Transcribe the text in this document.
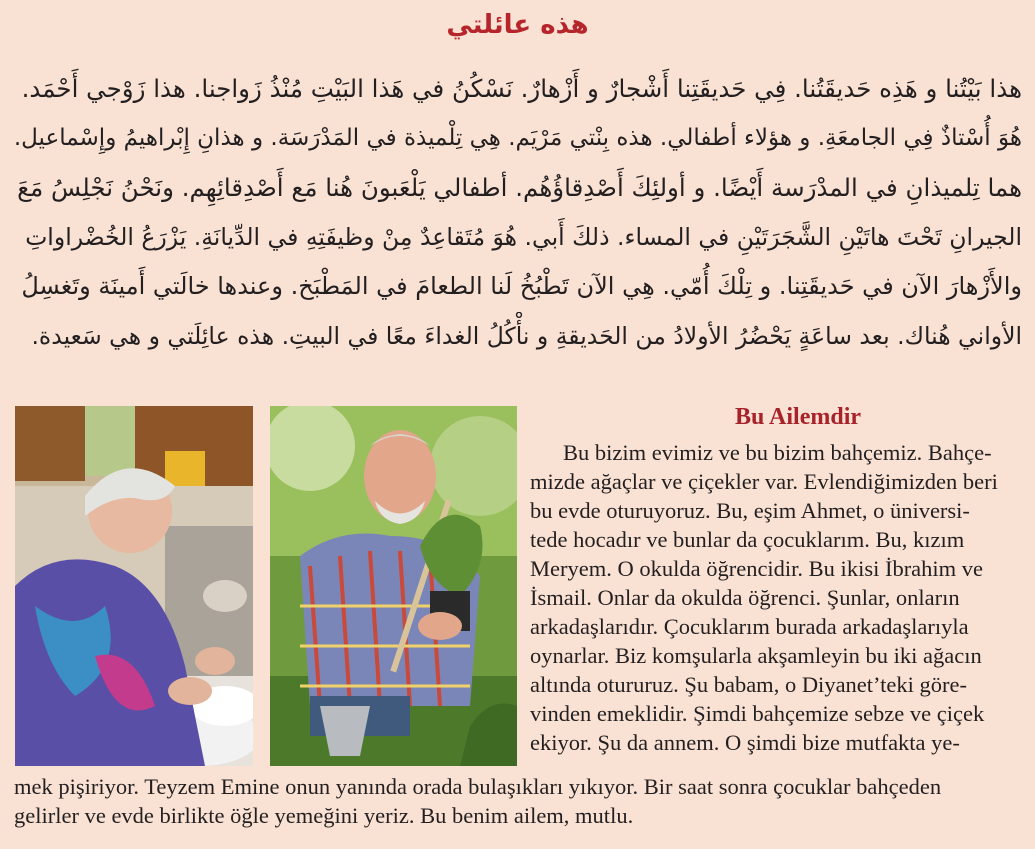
هذه عائلتي
هذا بَيْتُنا و هَذِه حَديقَتُنا. فِي حَديقَتِنا أَشْجارٌ و أَزْهارٌ. نَسْكُنُ في هَذا البَيْتِ مُنْذُ زَواجنا. هذا زَوْجي أَحْمَد.
هُوَ أُسْتاذٌ فِي الجامعَةِ. و هؤلاء أطفالي. هذه بِنْتي مَرْيَم. هِي تِلْميذة في المَدْرَسَة. و هذانِ إِبْراهيمُ وإِسْماعيل.
هما تِلميذانِ في المدْرَسة أَيْضًا. و أولئِكَ أَصْدِقاؤُهُم. أطفالي يَلْعَبونَ هُنا مَع أَصْدِقائِهِم. ونَحْنُ نَجْلِسُ مَعَ
الجيرانِ تَحْتَ هاتَيْنِ الشَّجَرَتَيْنِ في المساء. ذلكَ أَبي. هُوَ مُتَقاعِدٌ مِنْ وظيفَتِهِ في الدِّيانَةِ. يَزْرَعُ الخُضْراواتِ
والأَزْهارَ الآن في حَديقَتِنا. و تِلْكَ أُمّي. هِي الآن تَطْبُخُ لَنا الطعامَ في المَطْبَخ. وعندها خالَتي أَمينَة وتَغسِلُ
الأواني هُناك. بعد ساعَةٍ يَحْضُرُ الأولادُ من الحَديقةِ و نأْكُلُ الغداءَ معًا في البيتِ. هذه عائِلَتي و هي سَعيدة.
Bu Ailemdir
Bu bizim evimiz ve bu bizim bahçemiz. Bahçe-
mizde ağaçlar ve çiçekler var. Evlendiğimizden beri
bu evde oturuyoruz. Bu, eşim Ahmet, o üniversi-
tede hocadır ve bunlar da çocuklarım. Bu, kızım
Meryem. O okulda öğrencidir. Bu ikisi İbrahim ve
İsmail. Onlar da okulda öğrenci. Şunlar, onların
arkadaşlarıdır. Çocuklarım burada arkadaşlarıyla
oynarlar. Biz komşularla akşamleyin bu iki ağacın
altında otururuz. Şu babam, o Diyanet’teki göre-
vinden emeklidir. Şimdi bahçemize sebze ve çiçek
ekiyor. Şu da annem. O şimdi bize mutfakta ye-
mek pişiriyor. Teyzem Emine onun yanında orada bulaşıkları yıkıyor. Bir saat sonra çocuklar bahçeden
gelirler ve evde birlikte öğle yemeğini yeriz. Bu benim ailem, mutlu.
